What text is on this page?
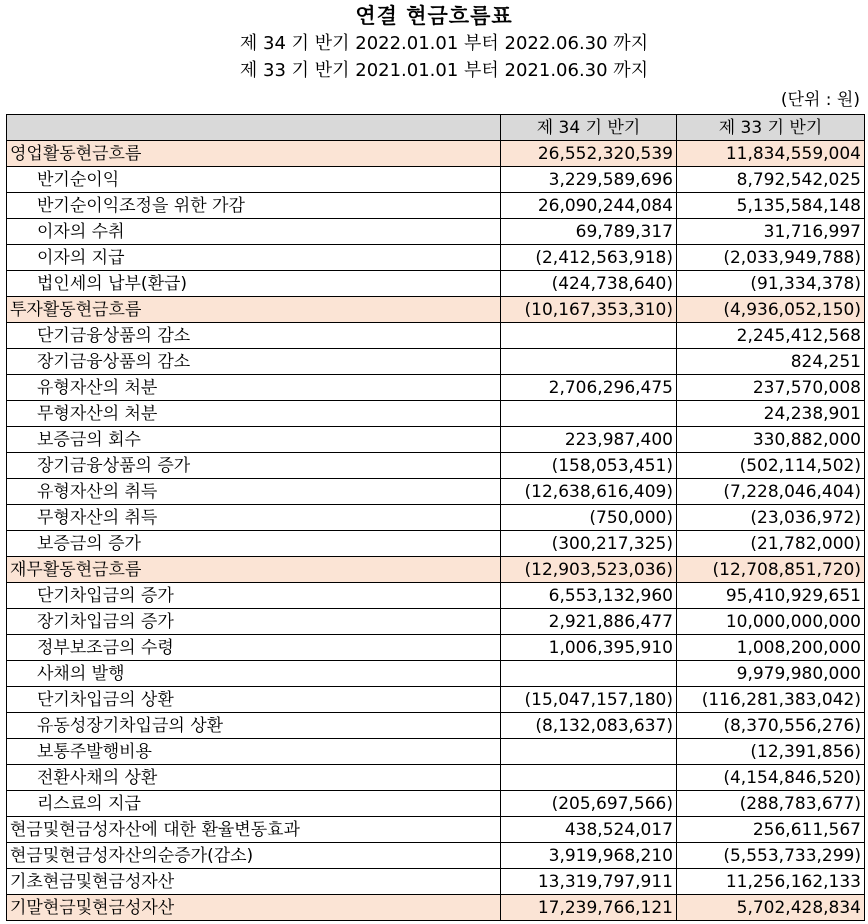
연결 현금흐름표
제 34 기 반기 2022.01.01 부터 2022.06.30 까지
제 33 기 반기 2021.01.01 부터 2021.06.30 까지
(단위 : 원)
	제 34 기 반기	제 33 기 반기
영업활동현금흐름	26,552,320,539	11,834,559,004
반기순이익	3,229,589,696	8,792,542,025
반기순이익조정을 위한 가감	26,090,244,084	5,135,584,148
이자의 수취	69,789,317	31,716,997
이자의 지급	(2,412,563,918)	(2,033,949,788)
법인세의 납부(환급)	(424,738,640)	(91,334,378)
투자활동현금흐름	(10,167,353,310)	(4,936,052,150)
단기금융상품의 감소		2,245,412,568
장기금융상품의 감소		824,251
유형자산의 처분	2,706,296,475	237,570,008
무형자산의 처분		24,238,901
보증금의 회수	223,987,400	330,882,000
장기금융상품의 증가	(158,053,451)	(502,114,502)
유형자산의 취득	(12,638,616,409)	(7,228,046,404)
무형자산의 취득	(750,000)	(23,036,972)
보증금의 증가	(300,217,325)	(21,782,000)
재무활동현금흐름	(12,903,523,036)	(12,708,851,720)
단기차입금의 증가	6,553,132,960	95,410,929,651
장기차입금의 증가	2,921,886,477	10,000,000,000
정부보조금의 수령	1,006,395,910	1,008,200,000
사채의 발행		9,979,980,000
단기차입금의 상환	(15,047,157,180)	(116,281,383,042)
유동성장기차입금의 상환	(8,132,083,637)	(8,370,556,276)
보통주발행비용		(12,391,856)
전환사채의 상환		(4,154,846,520)
리스료의 지급	(205,697,566)	(288,783,677)
현금및현금성자산에 대한 환율변동효과	438,524,017	256,611,567
현금및현금성자산의순증가(감소)	3,919,968,210	(5,553,733,299)
기초현금및현금성자산	13,319,797,911	11,256,162,133
기말현금및현금성자산	17,239,766,121	5,702,428,834
